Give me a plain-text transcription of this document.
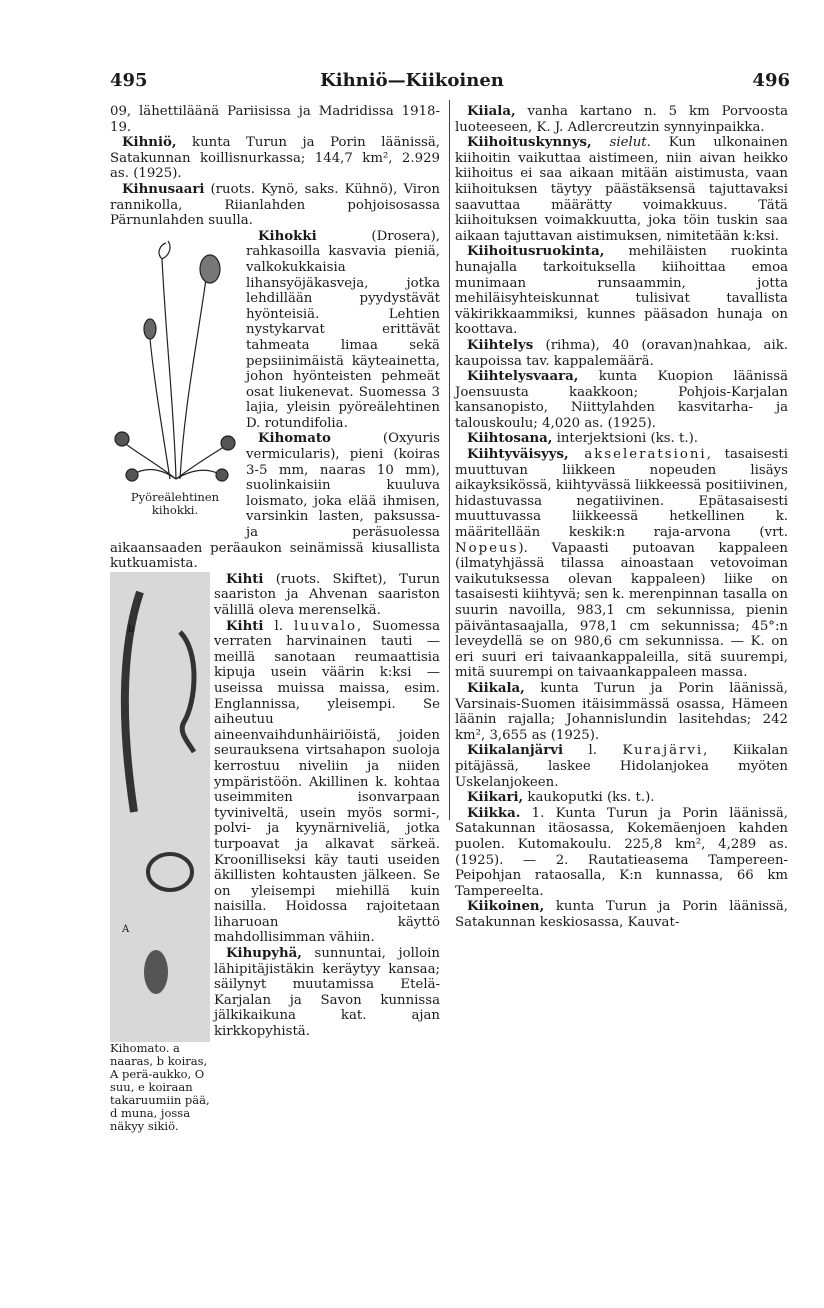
495	Kihniö—Kiikoinen	496

09, lähettiläänä Pariisissa ja Madridissa 1918-19.

Kihniö, kunta Turun ja Porin läänissä, Satakunnan koillisnurkassa; 144,7 km², 2.929 as. (1925).

Kihnusaari (ruots. Kynö, saks. Kühnö), Viron rannikolla, Riianlahden pohjoisosassa Pärnunlahden suulla.

Pyöreälehtinen kihokki.

Kihokki (Drosera), rahkasoilla kasvavia pieniä, valkokukkaisia lihansyöjäkasveja, jotka lehdillään pyydystävät hyönteisiä. Lehtien nystykarvat erittävät tahmeata limaa sekä pepsiinimäistä käyteainetta, johon hyönteisten pehmeät osat liukenevat. Suomessa 3 lajia, yleisin pyöreälehtinen D. rotundifolia.

Kihomato (Oxyuris vermicularis), pieni (koiras 3-5 mm, naaras 10 mm), suolinkaisiin kuuluva loismato, joka elää ihmisen, varsinkin lasten, paksussa- ja peräsuolessa aikaansaaden peräaukon seinämissä kiusallista kutkuamista.

b
A
Kihomato. a naaras, b koiras, A perä-aukko, O suu, e koiraan takaruumiin pää, d muna, jossa näkyy sikiö.

Kihti (ruots. Skiftet), Turun saariston ja Ahvenan saariston välillä oleva merenselkä.

Kihti l. luuvalo, Suomessa verraten harvinainen tauti — meillä sanotaan reumaattisia kipuja usein väärin k:ksi — useissa muissa maissa, esim. Englannissa, yleisempi. Se aiheutuu aineenvaihdunhäiriöistä, joiden seurauksena virtsahapon suoloja kerrostuu niveliin ja niiden ympäristöön. Akillinen k. kohtaa useimmiten isonvarpaan tyviniveltä, usein myös sormi-, polvi- ja kyynärniveliä, jotka turpoavat ja alkavat särkeä. Kroonilliseksi käy tauti useiden äkillisten kohtausten jälkeen. Se on yleisempi miehillä kuin naisilla. Hoidossa rajoitetaan liharuoan käyttö mahdollisimman vähiin.

Kihupyhä, sunnuntai, jolloin lähipitäjistäkin keräytyy kansaa; säilynyt muutamissa Etelä-Karjalan ja Savon kunnissa jälkikaikuna kat. ajan kirkkopyhistä.

Kiiala, vanha kartano n. 5 km Porvoosta luoteeseen, K. J. Adlercreutzin synnyinpaikka.

Kiihoituskynnys, sielut. Kun ulkonainen kiihoitin vaikuttaa aistimeen, niin aivan heikko kiihoitus ei saa aikaan mitään aistimusta, vaan kiihoituksen täytyy päästäksensä tajuttavaksi saavuttaa määrätty voimakkuus. Tätä kiihoituksen voimakkuutta, joka töin tuskin saa aikaan tajuttavan aistimuksen, nimitetään k:ksi.

Kiihoitusruokinta, mehiläisten ruokinta hunajalla tarkoituksella kiihoittaa emoa munimaan runsaammin, jotta mehiläisyhteiskunnat tulisivat tavallista väkirikkaammiksi, kunnes pääsadon hunaja on koottava.

Kiihtelys (rihma), 40 (oravan)nahkaa, aik. kaupoissa tav. kappalemäärä.

Kiihtelysvaara, kunta Kuopion läänissä Joensuusta kaakkoon; Pohjois-Karjalan kansanopisto, Niittylahden kasvitarha- ja talouskoulu; 4,020 as. (1925).

Kiihtosana, interjektsioni (ks. t.).

Kiihtyväisyys, akseleratsioni, tasaisesti muuttuvan liikkeen nopeuden lisäys aikayksikössä, kiihtyvässä liikkeessä positiivinen, hidastuvassa negatiivinen. Epätasaisesti muuttuvassa liikkeessä hetkellinen k. määritellään keskik:n raja-arvona (vrt. Nopeus). Vapaasti putoavan kappaleen (ilmatyhjässä tilassa ainoastaan vetovoiman vaikutuksessa olevan kappaleen) liike on tasaisesti kiihtyvä; sen k. merenpinnan tasalla on suurin navoilla, 983,1 cm sekunnissa, pienin päiväntasaajalla, 978,1 cm sekunnissa; 45°:n leveydellä se on 980,6 cm sekunnissa. — K. on eri suuri eri taivaankappaleilla, sitä suurempi, mitä suurempi on taivaankappaleen massa.

Kiikala, kunta Turun ja Porin läänissä, Varsinais-Suomen itäisimmässä osassa, Hämeen läänin rajalla; Johannislundin lasitehdas; 242 km², 3,655 as (1925).

Kiikalanjärvi l. Kurajärvi, Kiikalan pitäjässä, laskee Hidolanjokea myöten Uskelanjokeen.

Kiikari, kaukoputki (ks. t.).

Kiikka. 1. Kunta Turun ja Porin läänissä, Satakunnan itäosassa, Kokemäenjoen kahden puolen. Kutomakoulu. 225,8 km², 4,289 as. (1925). — 2. Rautatieasema Tampereen-Peipohjan rataosalla, K:n kunnassa, 66 km Tampereelta.

Kiikoinen, kunta Turun ja Porin läänissä, Satakunnan keskiosassa, Kauvat-
